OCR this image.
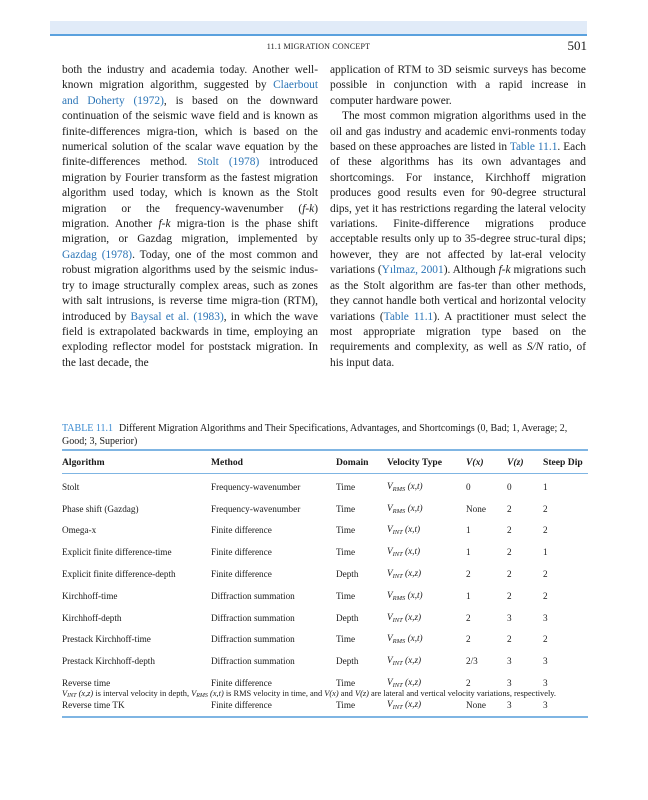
11.1 MIGRATION CONCEPT	501

both the industry and academia today. Another well-known migration algorithm, suggested by Claerbout and Doherty (1972), is based on the downward continuation of the seismic wave field and is known as finite-differences migra-tion, which is based on the numerical solution of the scalar wave equation by the finite-differences method. Stolt (1978) introduced migration by Fourier transform as the fastest migration algorithm used today, which is known as the Stolt migration or the frequency-wavenumber (f-k) migration. Another f-k migra-tion is the phase shift migration, or Gazdag migration, implemented by Gazdag (1978). Today, one of the most common and robust migration algorithms used by the seismic indus-try to image structurally complex areas, such as zones with salt intrusions, is reverse time migra-tion (RTM), introduced by Baysal et al. (1983), in which the wave field is extrapolated backwards in time, employing an exploding reflector model for poststack migration. In the last decade, the

application of RTM to 3D seismic surveys has become possible in conjunction with a rapid increase in computer hardware power.

The most common migration algorithms used in the oil and gas industry and academic envi-ronments today based on these approaches are listed in Table 11.1. Each of these algorithms has its own advantages and shortcomings. For instance, Kirchhoff migration produces good results even for 90-degree structural dips, yet it has restrictions regarding the lateral velocity variations. Finite-difference migrations produce acceptable results only up to 35-degree struc-tural dips; however, they are not affected by lat-eral velocity variations (Yılmaz, 2001). Although f-k migrations such as the Stolt algorithm are fas-ter than other methods, they cannot handle both vertical and horizontal velocity variations (Table 11.1). A practitioner must select the most appropriate migration type based on the requirements and complexity, as well as S/N ratio, of his input data.

TABLE 11.1 Different Migration Algorithms and Their Specifications, Advantages, and Shortcomings (0, Bad; 1, Average; 2, Good; 3, Superior)
Algorithm	Method	Domain	Velocity Type	V(x)	V(z)	Steep Dip
Stolt	Frequency-wavenumber	Time	$V_{RMS}$ (x,t)	0	0	1
Phase shift (Gazdag)	Frequency-wavenumber	Time	$V_{RMS}$ (x,t)	None	2	2
Omega-x	Finite difference	Time	$V_{INT}$ (x,t)	1	2	2
Explicit finite difference-time	Finite difference	Time	$V_{INT}$ (x,t)	1	2	1
Explicit finite difference-depth	Finite difference	Depth	$V_{INT}$ (x,z)	2	2	2
Kirchhoff-time	Diffraction summation	Time	$V_{RMS}$ (x,t)	1	2	2
Kirchhoff-depth	Diffraction summation	Depth	$V_{INT}$ (x,z)	2	3	3
Prestack Kirchhoff-time	Diffraction summation	Time	$V_{RMS}$ (x,t)	2	2	2
Prestack Kirchhoff-depth	Diffraction summation	Depth	$V_{INT}$ (x,z)	2/3	3	3
Reverse time	Finite difference	Time	$V_{INT}$ (x,z)	2	3	3
Reverse time TK	Finite difference	Time	$V_{INT}$ (x,z)	None	3	3
$V_{INT}$ (x,z) is interval velocity in depth, $V_{RMS}$ (x,t) is RMS velocity in time, and V(x) and V(z) are lateral and vertical velocity variations, respectively.
